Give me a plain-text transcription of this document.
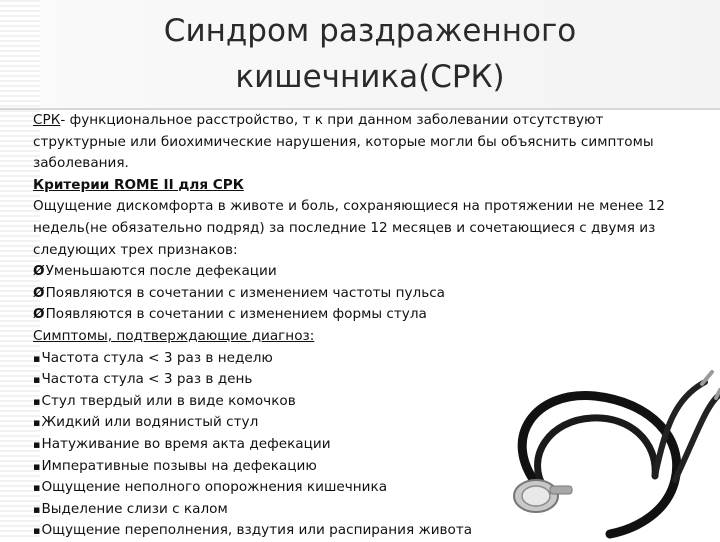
Синдром раздраженного
кишечника(СРК)
СРК- функциональное расстройство, т к при данном заболевании отсутствуют
структурные или биохимические нарушения, которые могли бы объяснить симптомы
заболевания.
Критерии ROME II для СРК
Ощущение дискомфорта в животе и боль, сохраняющиеся на протяжении не менее 12
недель(не обязательно подряд) за последние 12 месяцев и сочетающиеся с двумя из
следующих трех признаков:
ØУменьшаются после дефекации
ØПоявляются в сочетании с изменением частоты пульса
ØПоявляются в сочетании с изменением формы стула
Симптомы, подтверждающие диагноз:
▪Частота стула < 3 раз в неделю
▪Частота стула < 3 раз в день
▪Стул твердый или в виде комочков
▪Жидкий или водянистый стул
▪Натуживание во время акта дефекации
▪Императивные позывы на дефекацию
▪Ощущение неполного опорожнения кишечника
▪Выделение слизи с калом
▪Ощущение переполнения, вздутия или распирания живота
